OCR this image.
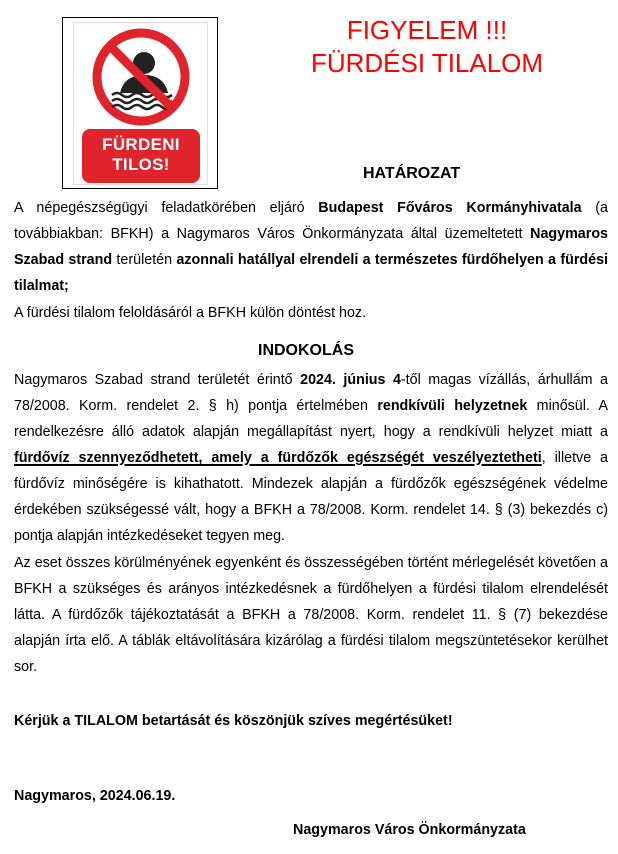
FÜRDENI
TILOS!
FIGYELEM !!!
FÜRDÉSI TILALOM
HATÁROZAT
A népegészségügyi feladatkörében eljáró Budapest Főváros Kormányhivatala (a továbbiakban: BFKH) a Nagymaros Város Önkormányzata által üzemeltetett Nagymaros Szabad strand területén azonnali hatállyal elrendeli a természetes fürdőhelyen a fürdési tilalmat;
A fürdési tilalom feloldásáról a BFKH külön döntést hoz.
INDOKOLÁS
Nagymaros Szabad strand területét érintő 2024. június 4-től magas vízállás, árhullám a 78/2008. Korm. rendelet 2. § h) pontja értelmében rendkívüli helyzetnek minősül. A rendelkezésre álló adatok alapján megállapítást nyert, hogy a rendkívüli helyzet miatt a fürdővíz szennyeződhetett, amely a fürdőzők egészségét veszélyeztetheti, illetve a fürdővíz minőségére is kihathatott. Mindezek alapján a fürdőzők egészségének védelme érdekében szükségessé vált, hogy a BFKH a 78/2008. Korm. rendelet 14. § (3) bekezdés c) pontja alapján intézkedéseket tegyen meg.
Az eset összes körülményének egyenként és összességében történt mérlegelését követően a BFKH a szükséges és arányos intézkedésnek a fürdőhelyen a fürdési tilalom elrendelését látta. A fürdőzők tájékoztatását a BFKH a 78/2008. Korm. rendelet 11. § (7) bekezdése alapján írta elő. A táblák eltávolítására kizárólag a fürdési tilalom megszüntetésekor kerülhet sor.
Kérjük a TILALOM betartását és köszönjük szíves megértésüket!
Nagymaros, 2024.06.19.
Nagymaros Város Önkormányzata
